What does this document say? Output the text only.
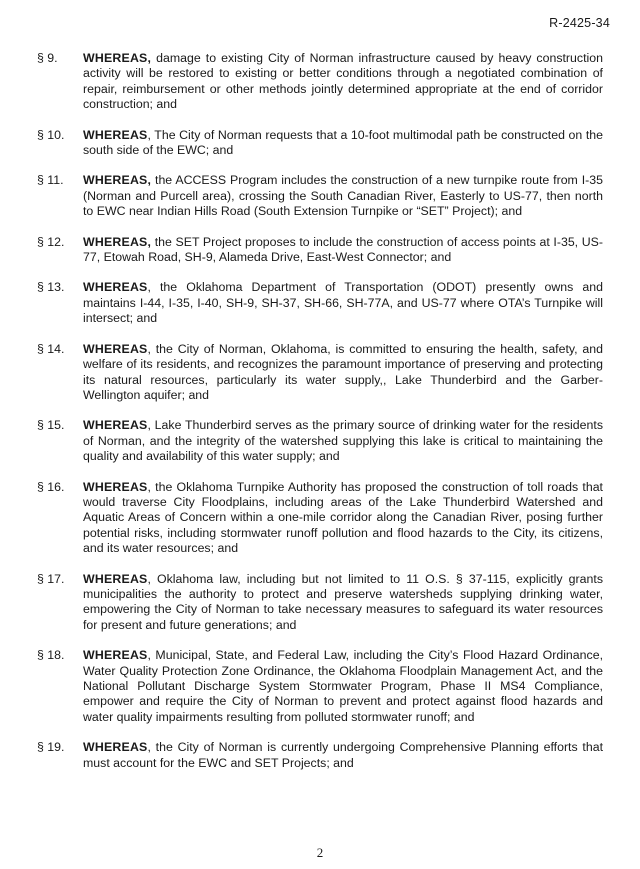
R-2425-34
§ 9.	WHEREAS, damage to existing City of Norman infrastructure caused by heavy construction activity will be restored to existing or better conditions through a negotiated combination of repair, reimbursement or other methods jointly determined appropriate at the end of corridor construction; and
§ 10.	WHEREAS, The City of Norman requests that a 10-foot multimodal path be constructed on the south side of the EWC; and
§ 11.	WHEREAS, the ACCESS Program includes the construction of a new turnpike route from I-35 (Norman and Purcell area), crossing the South Canadian River, Easterly to US-77, then north to EWC near Indian Hills Road (South Extension Turnpike or “SET” Project); and
§ 12.	WHEREAS, the SET Project proposes to include the construction of access points at I-35, US-77, Etowah Road, SH-9, Alameda Drive, East-West Connector; and
§ 13.	WHEREAS, the Oklahoma Department of Transportation (ODOT) presently owns and maintains I-44, I-35, I-40, SH-9, SH-37, SH-66, SH-77A, and US-77 where OTA’s Turnpike will intersect; and
§ 14.	WHEREAS, the City of Norman, Oklahoma, is committed to ensuring the health, safety, and welfare of its residents, and recognizes the paramount importance of preserving and protecting its natural resources, particularly its water supply,, Lake Thunderbird and the Garber-Wellington aquifer; and
§ 15.	WHEREAS, Lake Thunderbird serves as the primary source of drinking water for the residents of Norman, and the integrity of the watershed supplying this lake is critical to maintaining the quality and availability of this water supply; and
§ 16.	WHEREAS, the Oklahoma Turnpike Authority has proposed the construction of toll roads that would traverse City Floodplains, including areas of the Lake Thunderbird Watershed and Aquatic Areas of Concern within a one-mile corridor along the Canadian River, posing further potential risks, including stormwater runoff pollution and flood hazards to the City, its citizens, and its water resources; and
§ 17.	WHEREAS, Oklahoma law, including but not limited to 11 O.S. § 37-115, explicitly grants municipalities the authority to protect and preserve watersheds supplying drinking water, empowering the City of Norman to take necessary measures to safeguard its water resources for present and future generations; and
§ 18.	WHEREAS, Municipal, State, and Federal Law, including the City’s Flood Hazard Ordinance, Water Quality Protection Zone Ordinance, the Oklahoma Floodplain Management Act, and the National Pollutant Discharge System Stormwater Program, Phase II MS4 Compliance, empower and require the City of Norman to prevent and protect against flood hazards and water quality impairments resulting from polluted stormwater runoff; and
§ 19.	WHEREAS, the City of Norman is currently undergoing Comprehensive Planning efforts that must account for the EWC and SET Projects; and
2
